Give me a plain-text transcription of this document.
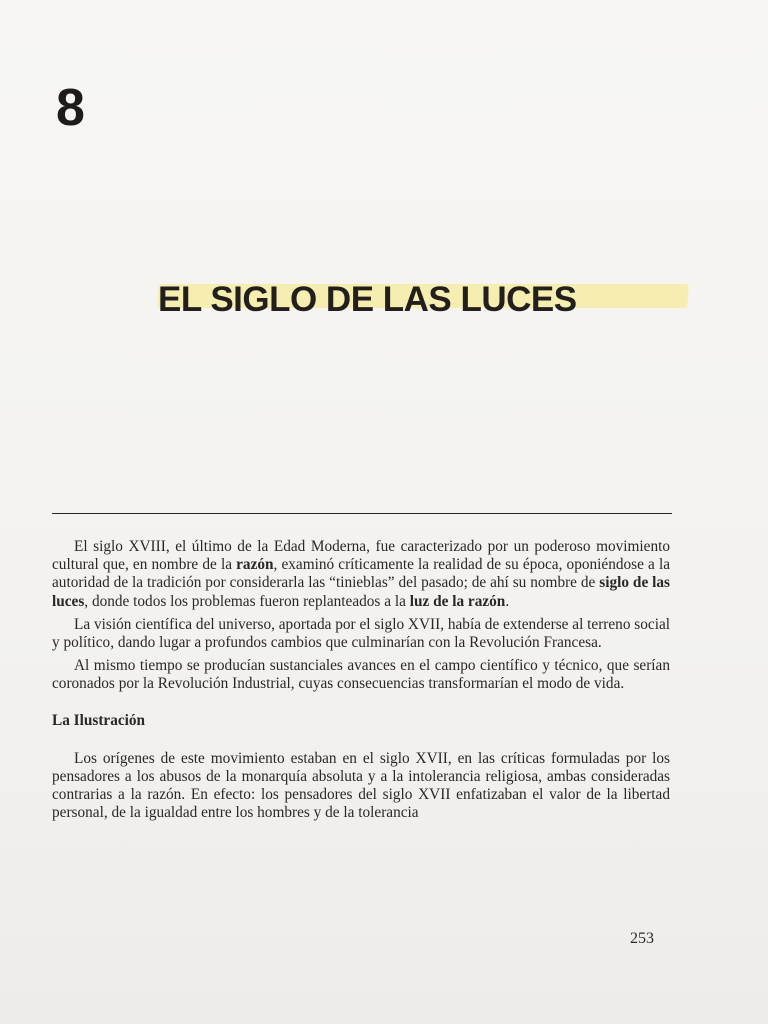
8
EL SIGLO DE LAS LUCES

El siglo XVIII, el último de la Edad Moderna, fue caracterizado por un poderoso movimiento cultural que, en nombre de la razón, examinó críticamente la realidad de su época, oponiéndose a la autoridad de la tradición por considerarla las “tinieblas” del pasado; de ahí su nombre de siglo de las luces, donde todos los problemas fueron replanteados a la luz de la razón.

La visión científica del universo, aportada por el siglo XVII, había de extenderse al terreno social y político, dando lugar a profundos cambios que culminarían con la Revolución Francesa.

Al mismo tiempo se producían sustanciales avances en el campo científico y técnico, que serían coronados por la Revolución Industrial, cuyas consecuencias transformarían el modo de vida.

La Ilustración

Los orígenes de este movimiento estaban en el siglo XVII, en las críticas formuladas por los pensadores a los abusos de la monarquía absoluta y a la intolerancia religiosa, ambas consideradas contrarias a la razón. En efecto: los pensadores del siglo XVII enfatizaban el valor de la libertad personal, de la igualdad entre los hombres y de la tolerancia

253
